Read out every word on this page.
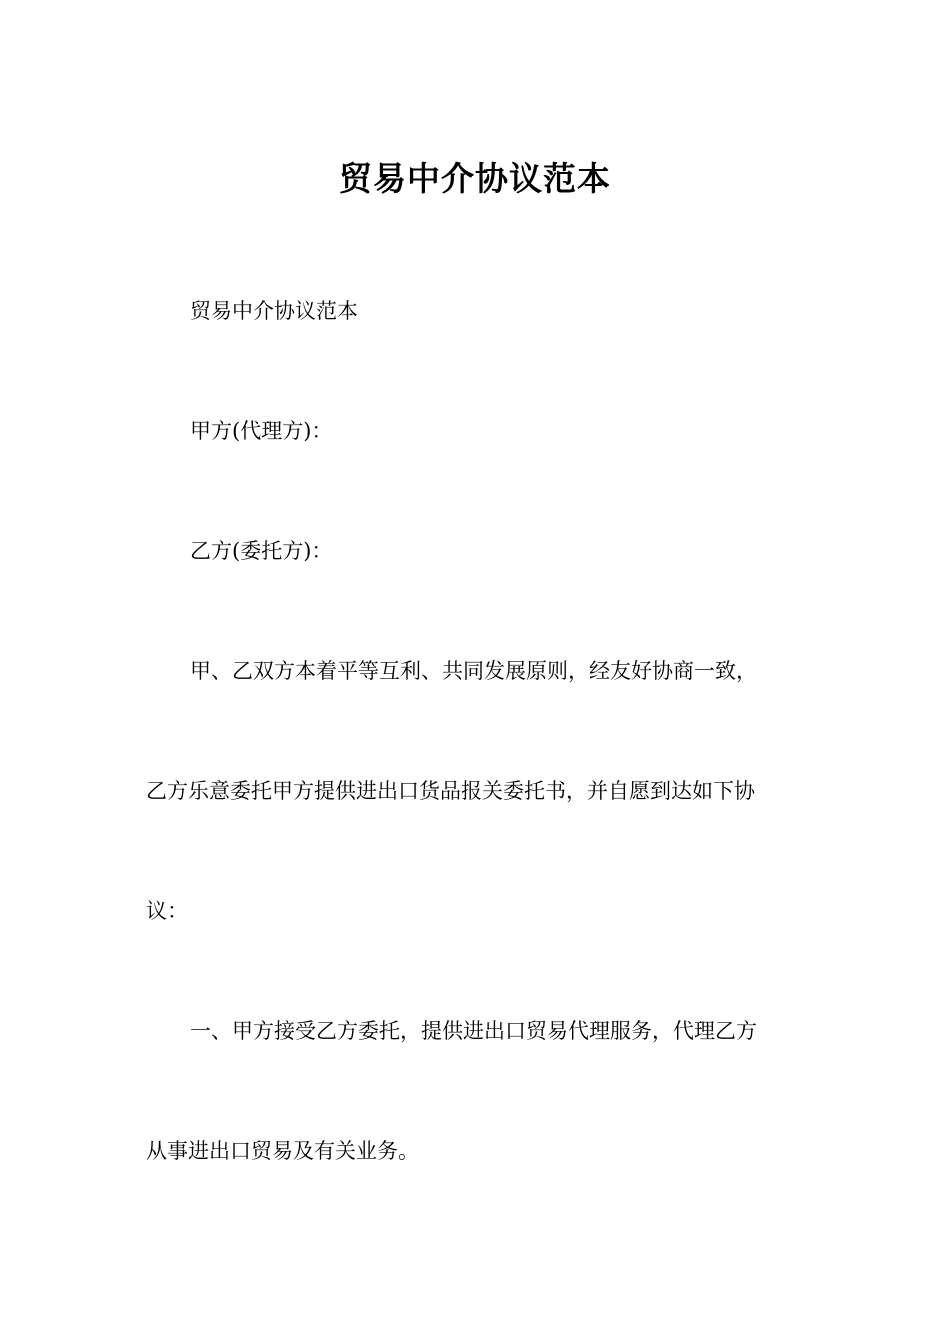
贸易中介协议范本
贸易中介协议范本
甲方(代理方)：
乙方(委托方)：
甲、乙双方本着平等互利、共同发展原则，经友好协商一致，
乙方乐意委托甲方提供进出口货品报关委托书，并自愿到达如下协
议：
一、甲方接受乙方委托，提供进出口贸易代理服务，代理乙方
从事进出口贸易及有关业务。
